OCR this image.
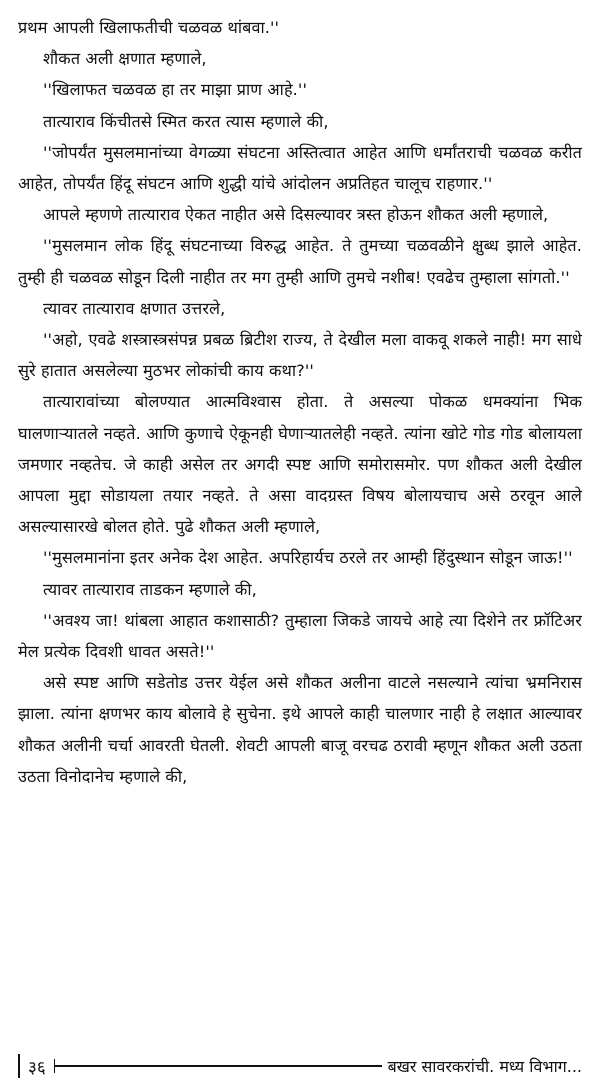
प्रथम आपली खिलाफतीची चळवळ थांबवा.''

शौकत अली क्षणात म्हणाले,

''खिलाफत चळवळ हा तर माझा प्राण आहे.''

तात्याराव किंचीतसे स्मित करत त्यास म्हणाले की,

''जोपर्यंत मुसलमानांच्या वेगळ्या संघटना अस्तित्वात आहेत आणि धर्मांतराची चळवळ करीत आहेत, तोपर्यंत हिंदू संघटन आणि शुद्धी यांचे आंदोलन अप्रतिहत चालूच राहणार.''

आपले म्हणणे तात्याराव ऐकत नाहीत असे दिसल्यावर त्रस्त होऊन शौकत अली म्हणाले,

''मुसलमान लोक हिंदू संघटनाच्या विरुद्ध आहेत. ते तुमच्या चळवळीने क्षुब्ध झाले आहेत. तुम्ही ही चळवळ सोडून दिली नाहीत तर मग तुम्ही आणि तुमचे नशीब! एवढेच तुम्हाला सांगतो.''

त्यावर तात्याराव क्षणात उत्तरले,

''अहो, एवढे शस्त्रास्त्रसंपन्न प्रबळ ब्रिटीश राज्य, ते देखील मला वाकवू शकले नाही! मग साधे सुरे हातात असलेल्या मुठभर लोकांची काय कथा?''

तात्यारावांच्या बोलण्यात आत्मविश्वास होता. ते असल्या पोकळ धमक्यांना भिक घालणाऱ्यातले नव्हते. आणि कुणाचे ऐकूनही घेणाऱ्यातलेही नव्हते. त्यांना खोटे गोड गोड बोलायला जमणार नव्हतेच. जे काही असेल तर अगदी स्पष्ट आणि समोरासमोर. पण शौकत अली देखील आपला मुद्दा सोडायला तयार नव्हते. ते असा वादग्रस्त विषय बोलायचाच असे ठरवून आले असल्यासारखे बोलत होते. पुढे शौकत अली म्हणाले,

''मुसलमानांना इतर अनेक देश आहेत. अपरिहार्यच ठरले तर आम्ही हिंदुस्थान सोडून जाऊ!''

त्यावर तात्याराव ताडकन म्हणाले की,

''अवश्य जा! थांबला आहात कशासाठी? तुम्हाला जिकडे जायचे आहे त्या दिशेने तर फ्रॉटिअर मेल प्रत्येक दिवशी धावत असते!''

असे स्पष्ट आणि सडेतोड उत्तर येईल असे शौकत अलीना वाटले नसल्याने त्यांचा भ्रमनिरास झाला. त्यांना क्षणभर काय बोलावे हे सुचेना. इथे आपले काही चालणार नाही हे लक्षात आल्यावर शौकत अलीनी चर्चा आवरती घेतली. शेवटी आपली बाजू वरचढ ठरावी म्हणून शौकत अली उठता उठता विनोदानेच म्हणाले की,

३६	बखर सावरकरांची. मध्य विभाग...
